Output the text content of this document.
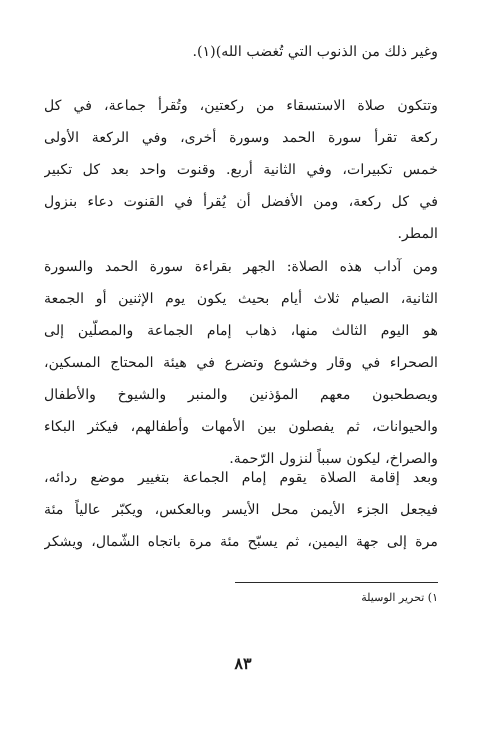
وغير ذلك من الذنوب التي تُغضب الله)(١).
وتتكون صلاة الاستسقاء من ركعتين، وتُقرأ جماعة، في كل
ركعة تقرأ سورة الحمد وسورة أخرى، وفي الركعة الأولى
خمس تكبيرات، وفي الثانية أربع. وقنوت واحد بعد كل تكبير
في كل ركعة، ومن الأفضل أن يُقرأ في القنوت دعاء بنزول
المطر.
ومن آداب هذه الصلاة: الجهر بقراءة سورة الحمد والسورة
الثانية، الصيام ثلاث أيام بحيث يكون يوم الإثنين أو الجمعة
هو اليوم الثالث منها، ذهاب إمام الجماعة والمصلّين إلى
الصحراء في وقار وخشوع وتضرع في هيئة المحتاج المسكين،
ويصطحبون معهم المؤذنين والمنبر والشيوخ والأطفال
والحيوانات، ثم يفصلون بين الأمهات وأطفالهم، فيكثر البكاء
والصراخ، ليكون سبباً لنزول الرّحمة.
وبعد إقامة الصلاة يقوم إمام الجماعة بتغيير موضع ردائه،
فيجعل الجزء الأيمن محل الأيسر وبالعكس، ويكبّر عالياً مئة
مرة إلى جهة اليمين، ثم يسبّح مئة مرة باتجاه الشّمال، ويشكر
١) تحرير الوسيلة
٨٣
